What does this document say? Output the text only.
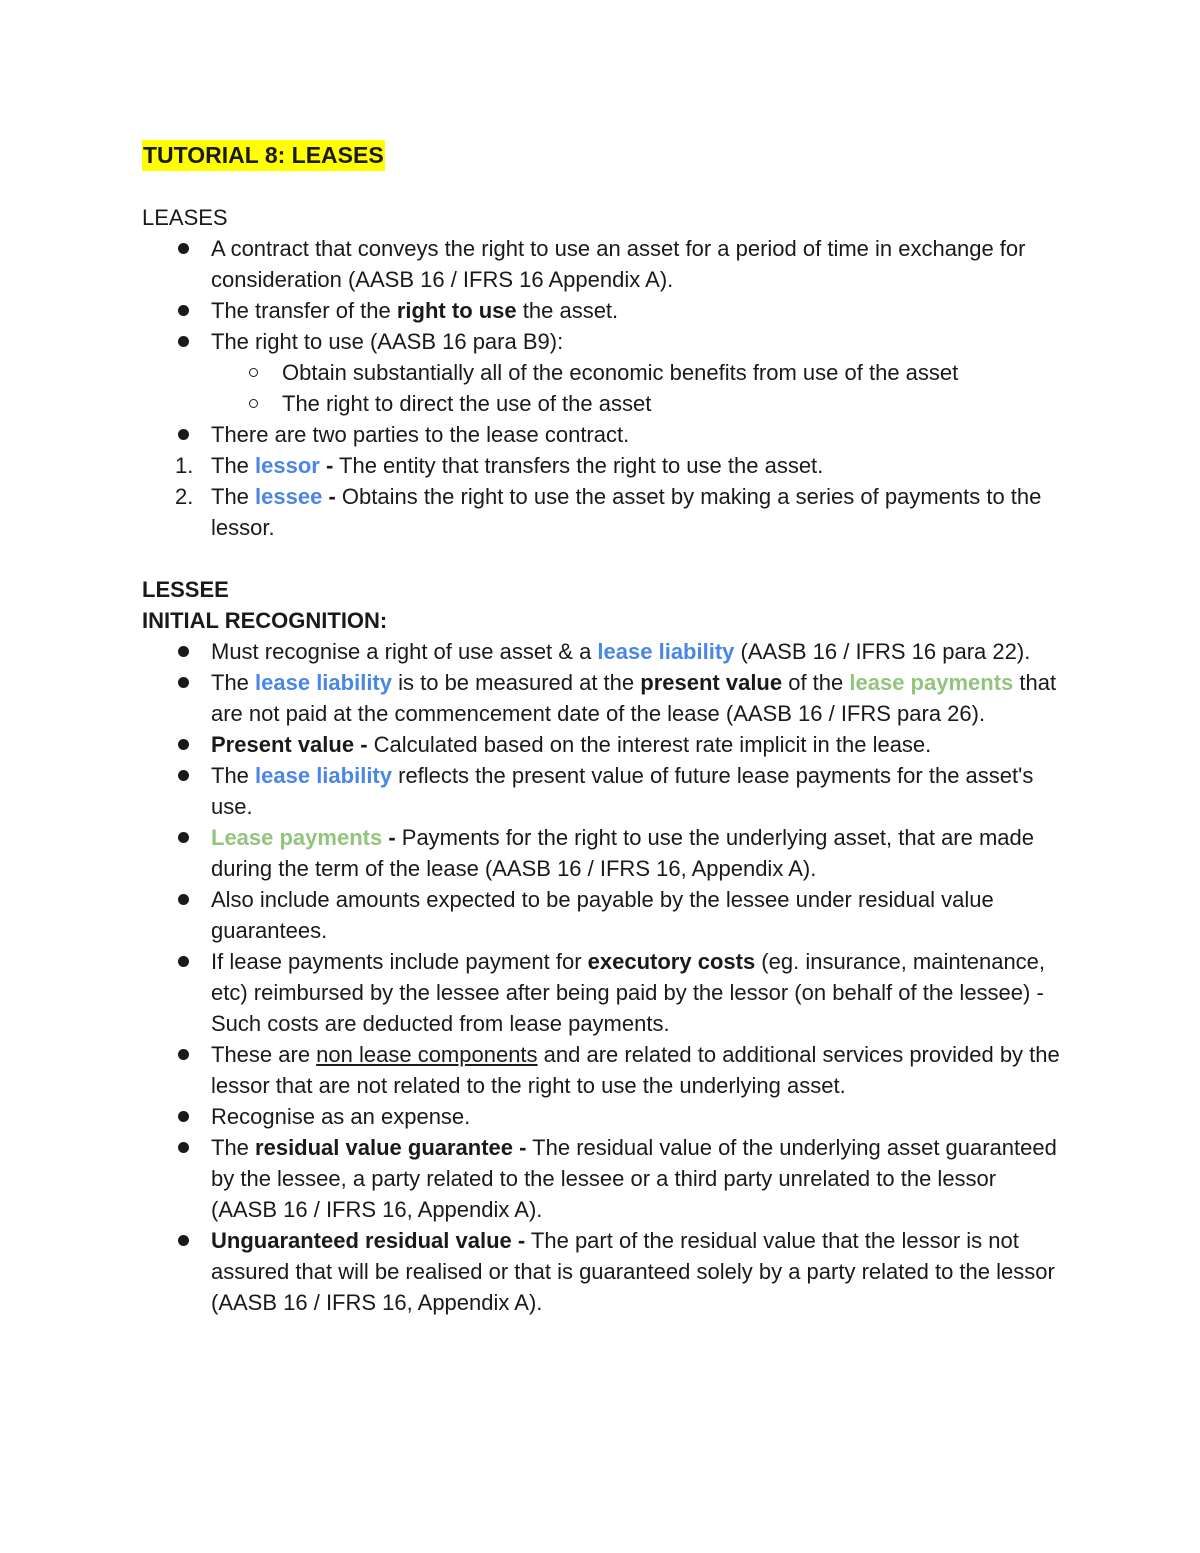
TUTORIAL 8: LEASES
LEASES
A contract that conveys the right to use an asset for a period of time in exchange for consideration (AASB 16 / IFRS 16 Appendix A).
The transfer of the right to use the asset.
The right to use (AASB 16 para B9):
Obtain substantially all of the economic benefits from use of the asset
The right to direct the use of the asset
There are two parties to the lease contract.
1. The lessor - The entity that transfers the right to use the asset.
2. The lessee - Obtains the right to use the asset by making a series of payments to the lessor.
LESSEE
INITIAL RECOGNITION:
Must recognise a right of use asset & a lease liability (AASB 16 / IFRS 16 para 22).
The lease liability is to be measured at the present value of the lease payments that are not paid at the commencement date of the lease (AASB 16 / IFRS para 26).
Present value - Calculated based on the interest rate implicit in the lease.
The lease liability reflects the present value of future lease payments for the asset's use.
Lease payments - Payments for the right to use the underlying asset, that are made during the term of the lease (AASB 16 / IFRS 16, Appendix A).
Also include amounts expected to be payable by the lessee under residual value guarantees.
If lease payments include payment for executory costs (eg. insurance, maintenance, etc) reimbursed by the lessee after being paid by the lessor (on behalf of the lessee) - Such costs are deducted from lease payments.
These are non lease components and are related to additional services provided by the lessor that are not related to the right to use the underlying asset.
Recognise as an expense.
The residual value guarantee - The residual value of the underlying asset guaranteed by the lessee, a party related to the lessee or a third party unrelated to the lessor (AASB 16 / IFRS 16, Appendix A).
Unguaranteed residual value - The part of the residual value that the lessor is not assured that will be realised or that is guaranteed solely by a party related to the lessor (AASB 16 / IFRS 16, Appendix A).
